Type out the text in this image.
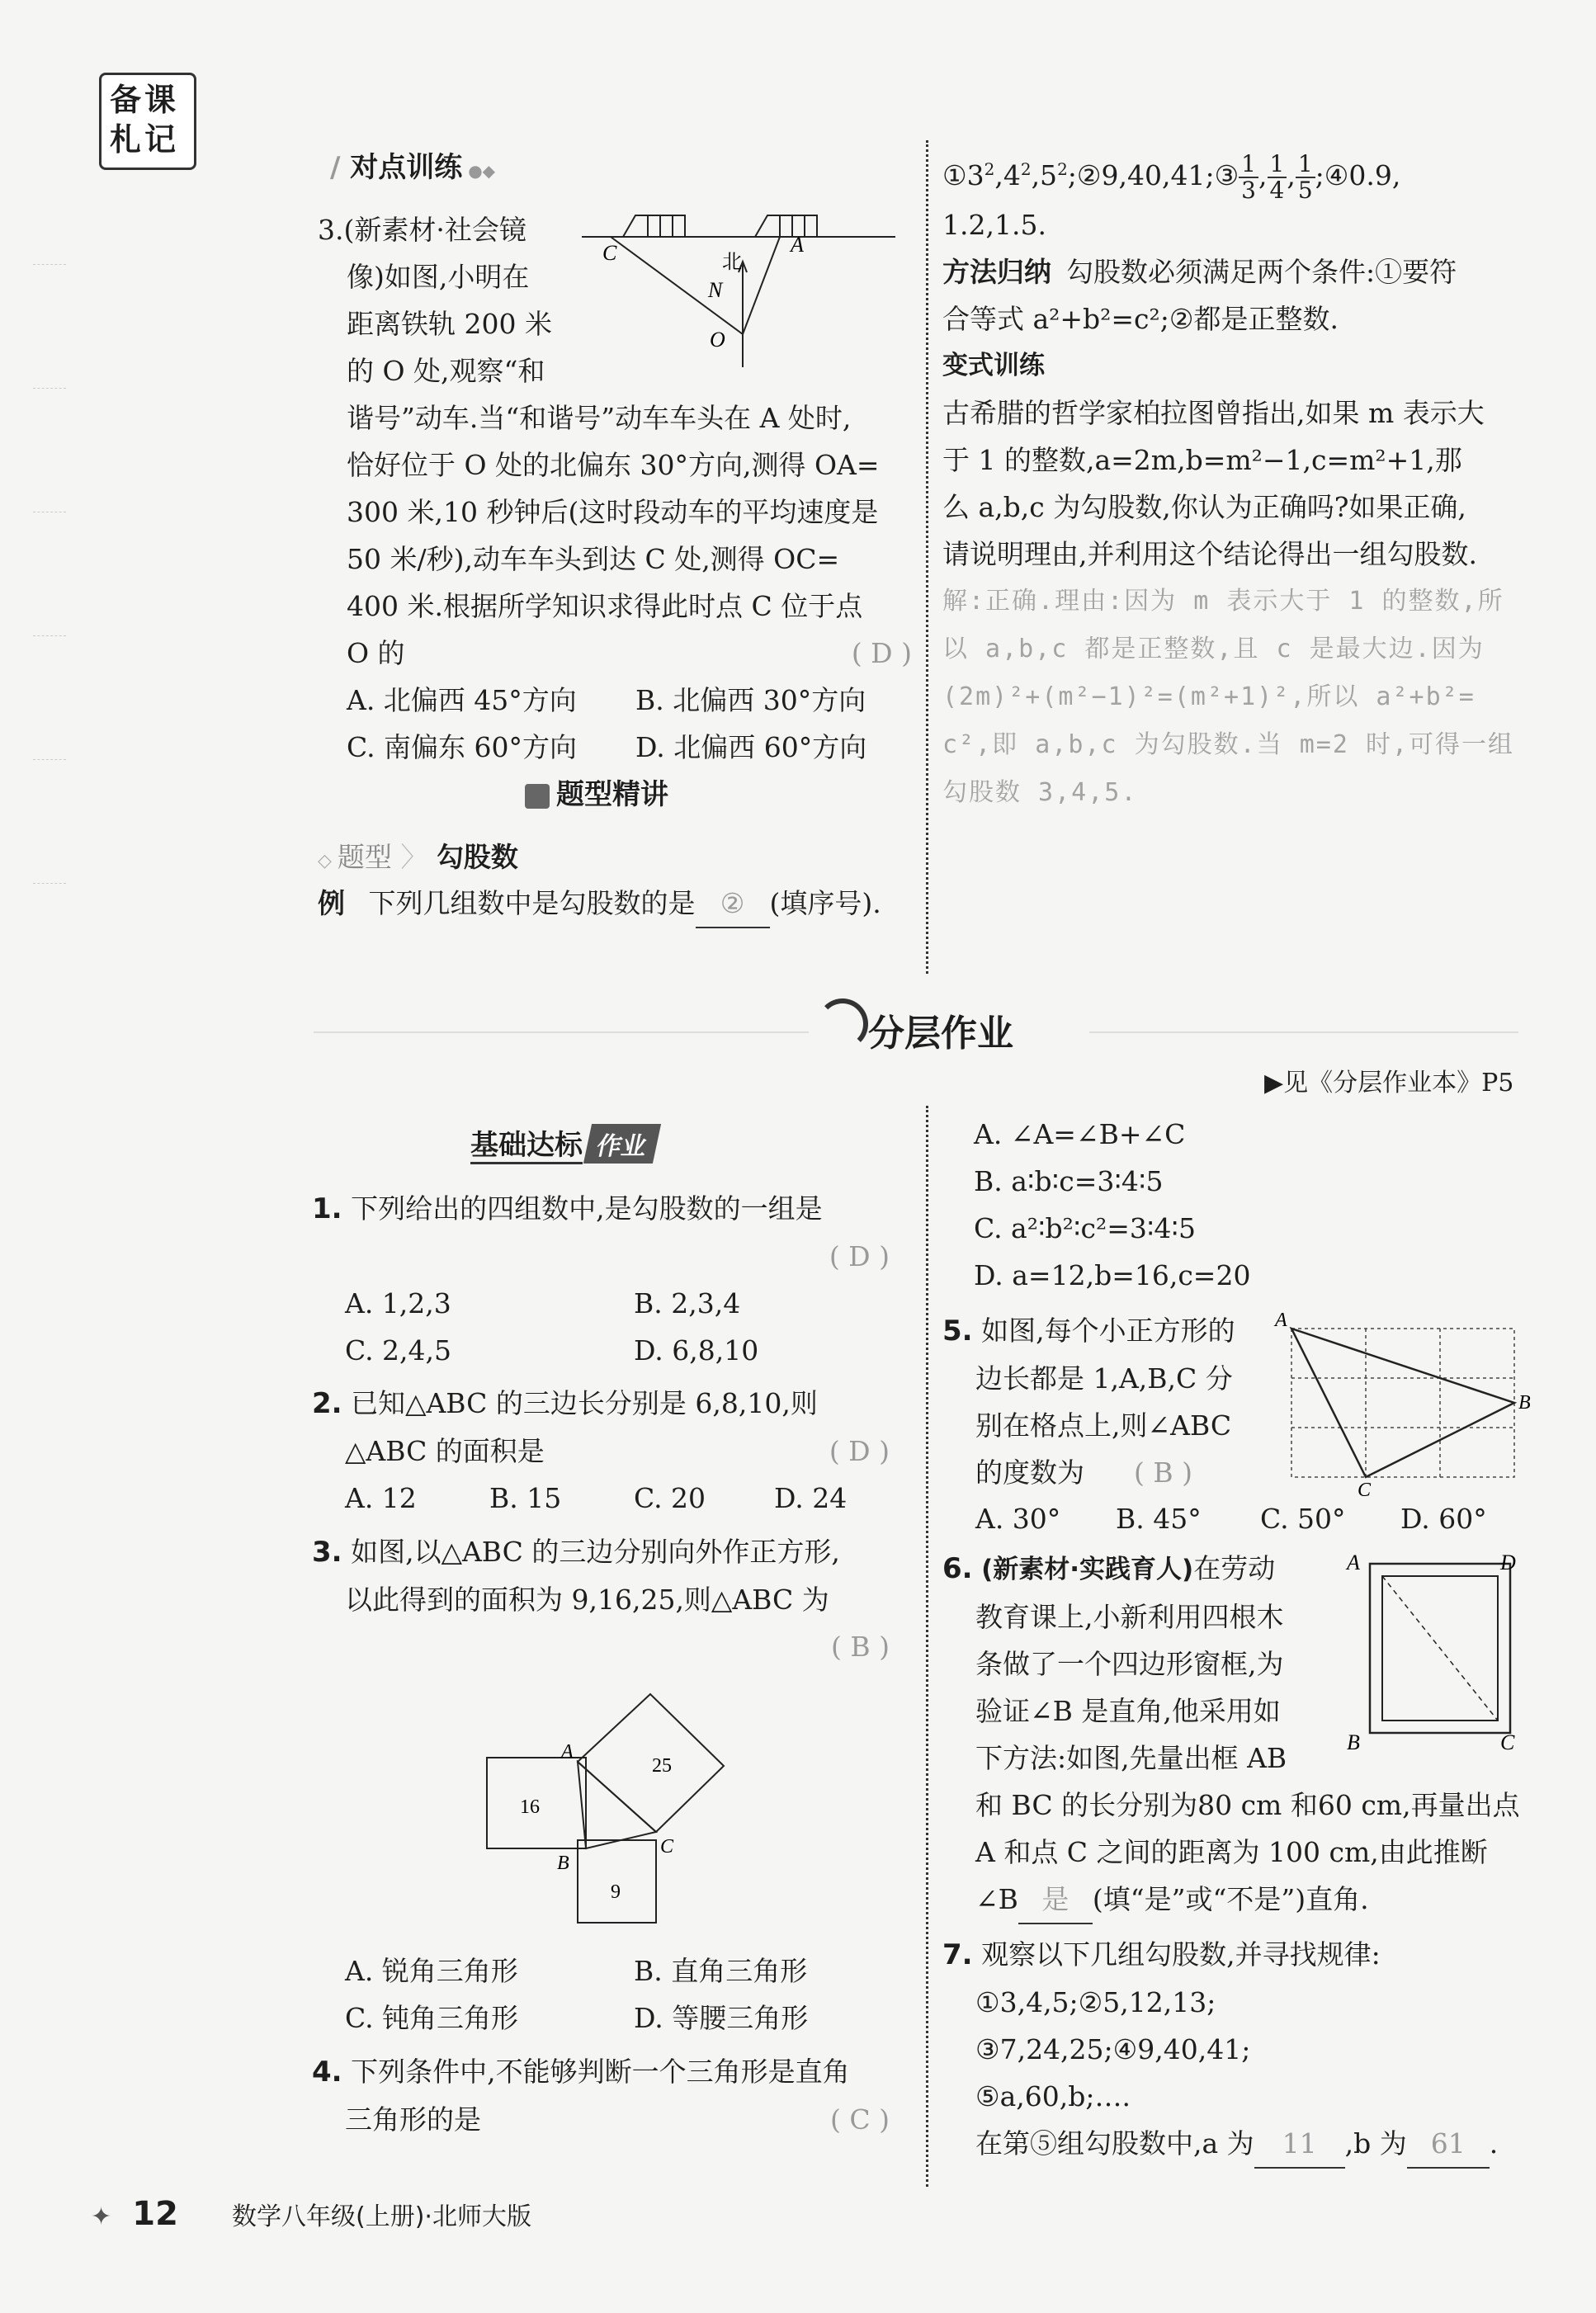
备课札记
∕ 对点训练 ●◆
3.(新素材·社会镜
像)如图,小明在
距离铁轨 200 米
的 O 处,观察“和
谐号”动车.当“和谐号”动车车头在 A 处时,
恰好位于 O 处的北偏东 30°方向,测得 OA=
300 米,10 秒钟后(这时段动车的平均速度是
50 米/秒),动车车头到达 C 处,测得 OC=
400 米.根据所学知识求得此时点 C 位于点
O 的	( D )
A. 北偏西 45°方向 B. 北偏西 30°方向
C. 南偏东 60°方向 D. 北偏西 60°方向
C	A
北
N
O
题型精讲
◇ 题型 〉 勾股数
例 下列几组数中是勾股数的是 ② (填序号).
$①3^2,4^2,5^2;②9,40,41;③ \frac{1}{3}$ , $\frac{1}{4}$ , $\frac{1}{5}$ ;④0.9,
1.2,1.5.
方法归纳 勾股数必须满足两个条件:①要符
合等式 a²+b²=c²;②都是正整数.
变式训练
古希腊的哲学家柏拉图曾指出,如果 m 表示大
于 1 的整数,a=2m,b=m²−1,c=m²+1,那
么 a,b,c 为勾股数,你认为正确吗?如果正确,
请说明理由,并利用这个结论得出一组勾股数.
解:正确.理由:因为 m 表示大于 1 的整数,所
以 a,b,c 都是正整数,且 c 是最大边.因为
(2m)²+(m²−1)²=(m²+1)²,所以 a²+b²=
c²,即 a,b,c 为勾股数.当 m=2 时,可得一组
勾股数 3,4,5.
分层作业
▶见《分层作业本》P5
基础达标 作业
1. 下列给出的四组数中,是勾股数的一组是
( D )
A. 1,2,3	B. 2,3,4
C. 2,4,5	D. 6,8,10
2. 已知△ABC 的三边长分别是 6,8,10,则
△ABC 的面积是	( D )
A. 12	B. 15	C. 20	D. 24
3. 如图,以△ABC 的三边分别向外作正方形,
以此得到的面积为 9,16,25,则△ABC 为
( B )
A
B
C
16
25
9
A. 锐角三角形	B. 直角三角形
C. 钝角三角形	D. 等腰三角形
4. 下列条件中,不能够判断一个三角形是直角
三角形的是	( C )
A. ∠A=∠B+∠C
B. a∶b∶c=3∶4∶5
C. a²∶b²∶c²=3∶4∶5
D. a=12,b=16,c=20
5. 如图,每个小正方形的
边长都是 1,A,B,C 分
别在格点上,则∠ABC
的度数为 ( B )
A
B
C
A. 30° B. 45° C. 50° D. 60°
6. (新素材·实践育人)在劳动
教育课上,小新利用四根木
条做了一个四边形窗框,为
验证∠B 是直角,他采用如
下方法:如图,先量出框 AB
和 BC 的长分别为80 cm 和60 cm,再量出点
A 和点 C 之间的距离为 100 cm,由此推断
∠B 是 (填“是”或“不是”)直角.
A	D
B	C
7. 观察以下几组勾股数,并寻找规律:
①3,4,5;②5,12,13;
③7,24,25;④9,40,41;
⑤a,60,b;….
在第⑤组勾股数中,a 为 11 ,b 为 61 .
✦ 12 数学八年级(上册)·北师大版
